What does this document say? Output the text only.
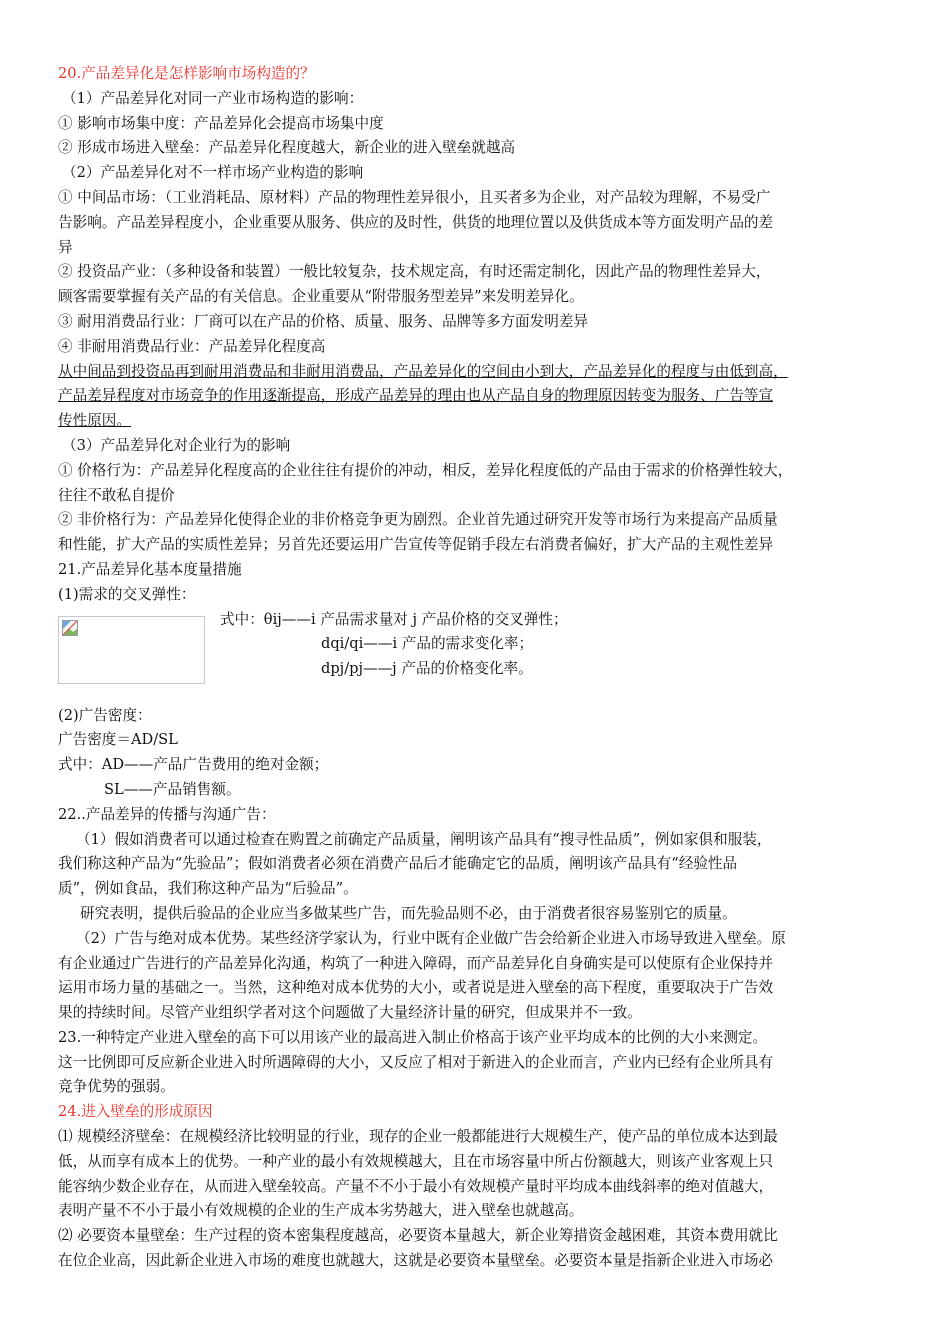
20.产品差异化是怎样影响市场构造的？
（1）产品差异化对同一产业市场构造的影响：
① 影响市场集中度：产品差异化会提高市场集中度
② 形成市场进入壁垒：产品差异化程度越大，新企业的进入壁垒就越高
（2）产品差异化对不一样市场产业构造的影响
① 中间品市场：（工业消耗品、原材料）产品的物理性差异很小，且买者多为企业，对产品较为理解，不易受广
告影响。产品差异程度小，企业重要从服务、供应的及时性，供货的地理位置以及供货成本等方面发明产品的差
异
② 投资品产业：（多种设备和装置）一般比较复杂，技术规定高，有时还需定制化，因此产品的物理性差异大，
顾客需要掌握有关产品的有关信息。企业重要从“附带服务型差异”来发明差异化。
③ 耐用消费品行业：厂商可以在产品的价格、质量、服务、品牌等多方面发明差异
④ 非耐用消费品行业：产品差异化程度高
从中间品到投资品再到耐用消费品和非耐用消费品，产品差异化的空间由小到大，产品差异化的程度与由低到高，
产品差异程度对市场竞争的作用逐渐提高，形成产品差异的理由也从产品自身的物理原因转变为服务、广告等宣
传性原因。
（3）产品差异化对企业行为的影响
① 价格行为：产品差异化程度高的企业往往有提价的冲动，相反，差异化程度低的产品由于需求的价格弹性较大，
往往不敢私自提价
② 非价格行为：产品差异化使得企业的非价格竞争更为剧烈。企业首先通过研究开发等市场行为来提高产品质量
和性能，扩大产品的实质性差异；另首先还要运用广告宣传等促销手段左右消费者偏好，扩大产品的主观性差异
21.产品差异化基本度量措施
(1)需求的交叉弹性：
式中：θij——i 产品需求量对 j 产品价格的交叉弹性；
dqi/qi——i 产品的需求变化率；
dpj/pj——j 产品的价格变化率。
(2)广告密度：
广告密度＝AD/SL
式中：AD——产品广告费用的绝对金额；
SL——产品销售额。
22..产品差异的传播与沟通广告：
（1）假如消费者可以通过检查在购置之前确定产品质量，阐明该产品具有“搜寻性品质”，例如家俱和服装，
我们称这种产品为“先验品”；假如消费者必须在消费产品后才能确定它的品质，阐明该产品具有“经验性品
质”，例如食品，我们称这种产品为“后验品”。
研究表明，提供后验品的企业应当多做某些广告，而先验品则不必，由于消费者很容易鉴别它的质量。
（2）广告与绝对成本优势。某些经济学家认为，行业中既有企业做广告会给新企业进入市场导致进入壁垒。原
有企业通过广告进行的产品差异化沟通，构筑了一种进入障碍，而产品差异化自身确实是可以使原有企业保持并
运用市场力量的基础之一。当然，这种绝对成本优势的大小，或者说是进入壁垒的高下程度，重要取决于广告效
果的持续时间。尽管产业组织学者对这个问题做了大量经济计量的研究，但成果并不一致。
23.一种特定产业进入壁垒的高下可以用该产业的最高进入制止价格高于该产业平均成本的比例的大小来测定。
这一比例即可反应新企业进入时所遇障碍的大小，又反应了相对于新进入的企业而言，产业内已经有企业所具有
竞争优势的强弱。
24.进入壁垒的形成原因
⑴ 规模经济壁垒：在规模经济比较明显的行业，现存的企业一般都能进行大规模生产，使产品的单位成本达到最
低，从而享有成本上的优势。一种产业的最小有效规模越大，且在市场容量中所占份额越大，则该产业客观上只
能容纳少数企业存在，从而进入壁垒较高。产量不不小于最小有效规模产量时平均成本曲线斜率的绝对值越大，
表明产量不不小于最小有效规模的企业的生产成本劣势越大，进入壁垒也就越高。
⑵ 必要资本量壁垒：生产过程的资本密集程度越高，必要资本量越大，新企业筹措资金越困难，其资本费用就比
在位企业高，因此新企业进入市场的难度也就越大，这就是必要资本量壁垒。必要资本量是指新企业进入市场必
